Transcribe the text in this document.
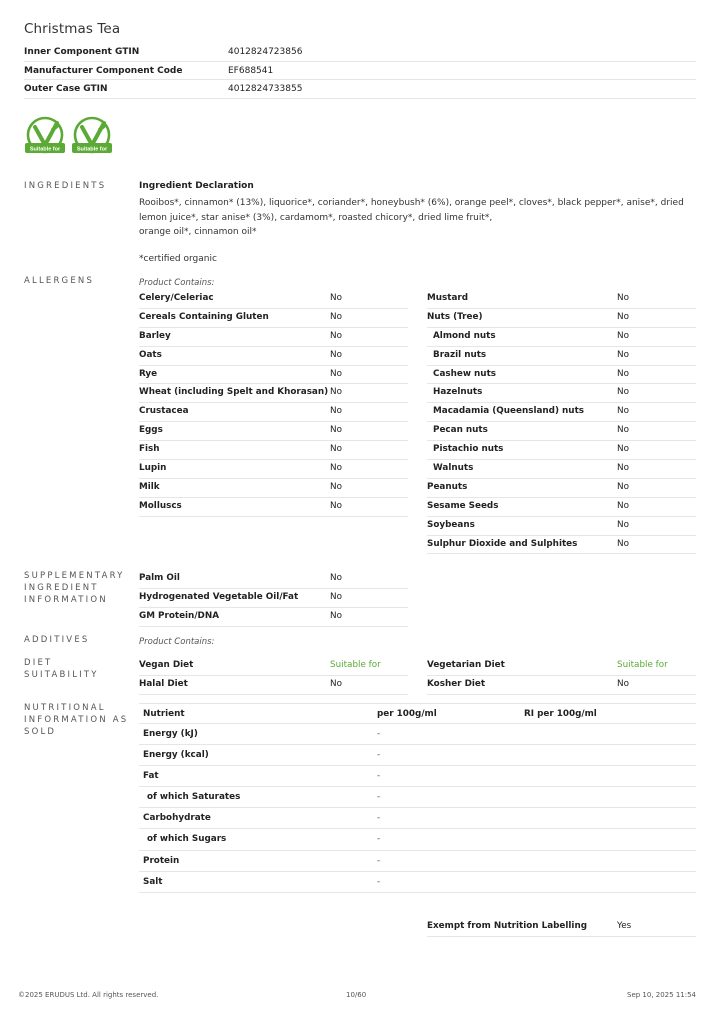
Christmas Tea
Inner Component GTIN	4012824723856
Manufacturer Component Code	EF688541
Outer Case GTIN	4012824733855
Suitable for	Suitable for
INGREDIENTS	Ingredient Declaration
Rooibos*, cinnamon* (13%), liquorice*, coriander*, honeybush* (6%), orange peel*, cloves*, black pepper*, anise*, dried lemon juice*, star anise* (3%), cardamom*, roasted chicory*, dried lime fruit*,
orange oil*, cinnamon oil*
*certified organic
ALLERGENS	Product Contains:
Celery/Celeriac	No
Cereals Containing Gluten	No
Barley	No
Oats	No
Rye	No
Wheat (including Spelt and Khorasan) No
Crustacea	No
Eggs	No
Fish	No
Lupin	No
Milk	No
Molluscs	No
Mustard	No
Nuts (Tree)	No
Almond nuts	No
Brazil nuts	No
Cashew nuts	No
Hazelnuts	No
Macadamia (Queensland) nuts	No
Pecan nuts	No
Pistachio nuts	No
Walnuts	No
Peanuts	No
Sesame Seeds	No
Soybeans	No
Sulphur Dioxide and Sulphites	No
SUPPLEMENTARY INGREDIENT INFORMATION
Palm Oil	No
Hydrogenated Vegetable Oil/Fat	No
GM Protein/DNA	No
ADDITIVES	Product Contains:
DIET SUITABILITY
Vegan Diet	Suitable for
Halal Diet	No
Vegetarian Diet	Suitable for
Kosher Diet	No
NUTRITIONAL INFORMATION AS SOLD
Nutrient	per 100g/ml	RI per 100g/ml
Energy (kJ)	-
Energy (kcal)	-
Fat	-
of which Saturates	-
Carbohydrate	-
of which Sugars	-
Protein	-
Salt	-
Exempt from Nutrition Labelling	Yes
©2025 ERUDUS Ltd. All rights reserved.	10/60	Sep 10, 2025 11:54
